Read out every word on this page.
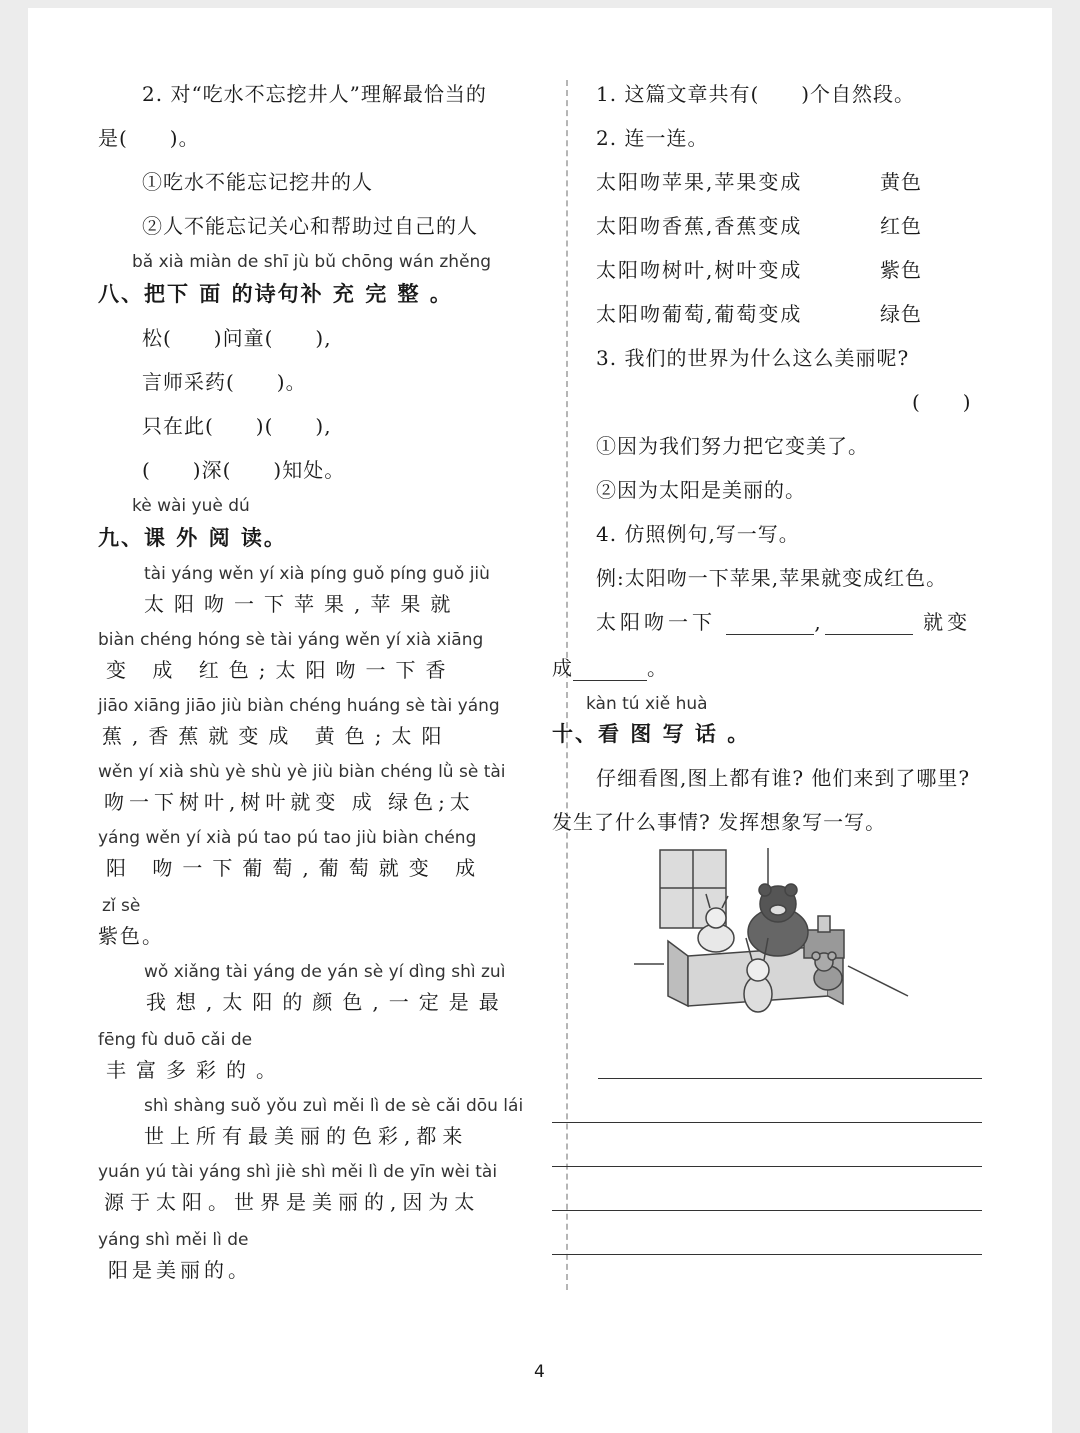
2. 对“吃水不忘挖井人”理解最恰当的
是(　　)。
①吃水不能忘记挖井的人
②人不能忘记关心和帮助过自己的人
bǎ xià miàn de shī jù bǔ chōng wán zhěng
八、把下 面 的诗句补 充 完 整 。
松(　　)问童(　　),
言师采药(　　)。
只在此(　　)(　　),
(　　)深(　　)知处。
kè wài yuè dú
九、课 外 阅 读。
tài yáng wěn yí xià píng guǒ píng guǒ jiù
太阳吻一下苹果,苹果就
biàn chéng hóng sè tài yáng wěn yí xià xiāng
变 成 红色;太阳吻一下香
jiāo xiāng jiāo jiù biàn chéng huáng sè tài yáng
蕉,香蕉就变成 黄色;太阳
wěn yí xià shù yè shù yè jiù biàn chéng lǜ sè tài
吻一下树叶,树叶就变 成 绿色;太
yáng wěn yí xià pú tao pú tao jiù biàn chéng
阳 吻一下葡萄,葡萄就变 成
zǐ sè
紫色。
wǒ xiǎng tài yáng de yán sè yí dìng shì zuì
我想,太阳的颜色,一定是最
fēng fù duō cǎi de
丰富多彩的。
shì shàng suǒ yǒu zuì měi lì de sè cǎi dōu lái
世上所有最美丽的色彩,都来
yuán yú tài yáng shì jiè shì měi lì de yīn wèi tài
源于太阳。世界是美丽的,因为太
yáng shì měi lì de
阳是美丽的。
1. 这篇文章共有(　　)个自然段。
2. 连一连。
太阳吻苹果,苹果变成	黄色
太阳吻香蕉,香蕉变成	红色
太阳吻树叶,树叶变成	紫色
太阳吻葡萄,葡萄变成	绿色
3. 我们的世界为什么这么美丽呢?
(　　)
①因为我们努力把它变美了。
②因为太阳是美丽的。
4. 仿照例句,写一写。
例:太阳吻一下苹果,苹果就变成红色。
太阳吻一下	,	就变
成	。
kàn tú xiě huà
十、看 图 写 话 。
仔细看图,图上都有谁? 他们来到了哪里?
发生了什么事情? 发挥想象写一写。
4
